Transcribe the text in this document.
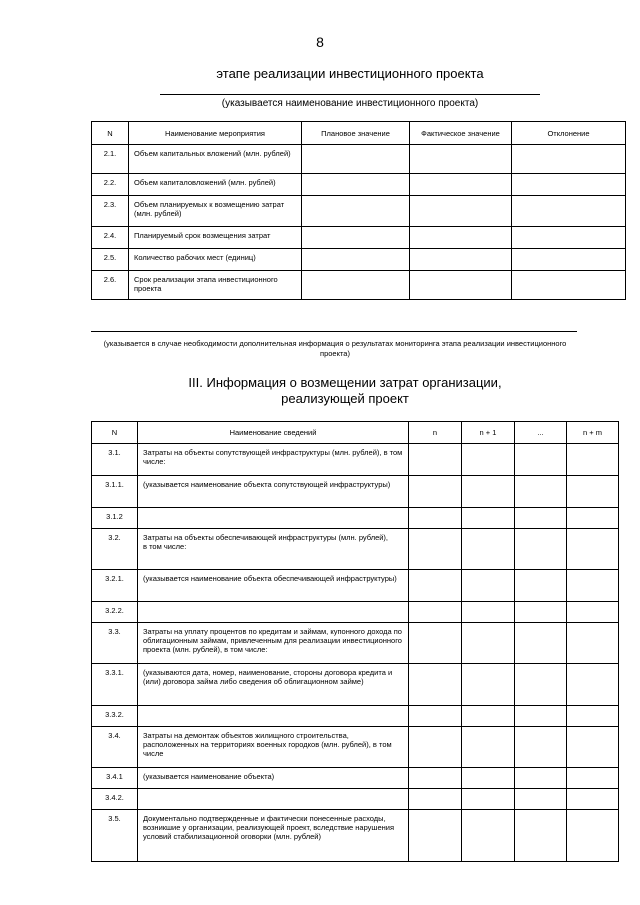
8
этапе реализации инвестиционного проекта
(указывается наименование инвестиционного проекта)
N	Наименование мероприятия	Плановое значение	Фактическое значение	Отклонение
2.1.	Объем капитальных вложений (млн. рублей)			
2.2.	Объем капиталовложений (млн. рублей)			
2.3.	Объем планируемых к возмещению затрат (млн. рублей)			
2.4.	Планируемый срок возмещения затрат			
2.5.	Количество рабочих мест (единиц)			
2.6.	Срок реализации этапа инвестиционного проекта			
(указывается в случае необходимости дополнительная информация о результатах мониторинга этапа реализации инвестиционного проекта)
III. Информация о возмещении затрат организации, реализующей проект
N	Наименование сведений	n	n + 1	...	n + m
3.1.	Затраты на объекты сопутствующей инфраструктуры (млн. рублей), в том числе:				
3.1.1.	(указывается наименование объекта сопутствующей инфраструктуры)				
3.1.2					
3.2.	Затраты на объекты обеспечивающей инфраструктуры (млн. рублей),
в том числе:				
3.2.1.	(указывается наименование объекта обеспечивающей инфраструктуры)				
3.2.2.					
3.3.	Затраты на уплату процентов по кредитам и займам, купонного дохода по облигационным займам, привлеченным для реализации инвестиционного проекта (млн. рублей), в том числе:				
3.3.1.	(указываются дата, номер, наименование, стороны договора кредита и (или) договора займа либо сведения об облигационном займе)				
3.3.2.					
3.4.	Затраты на демонтаж объектов жилищного строительства, расположенных на территориях военных городков (млн. рублей), в том числе				
3.4.1	(указывается наименование объекта)				
3.4.2.					
3.5.	Документально подтвержденные и фактически понесенные расходы, возникшие у организации, реализующей проект, вследствие нарушения условий стабилизационной оговорки (млн. рублей)				
